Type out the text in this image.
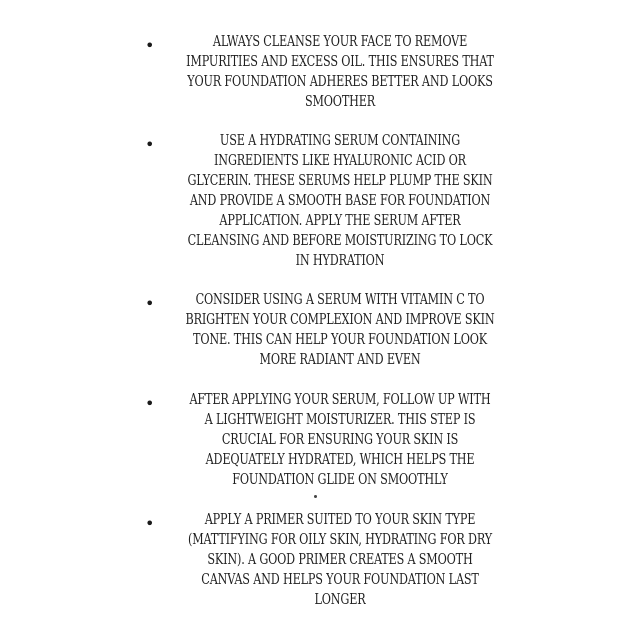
•	ALWAYS CLEANSE YOUR FACE TO REMOVE IMPURITIES AND EXCESS OIL. THIS ENSURES THAT YOUR FOUNDATION ADHERES BETTER AND LOOKS SMOOTHER

•	USE A HYDRATING SERUM CONTAINING INGREDIENTS LIKE HYALURONIC ACID OR GLYCERIN. THESE SERUMS HELP PLUMP THE SKIN AND PROVIDE A SMOOTH BASE FOR FOUNDATION APPLICATION. APPLY THE SERUM AFTER CLEANSING AND BEFORE MOISTURIZING TO LOCK IN HYDRATION

•	CONSIDER USING A SERUM WITH VITAMIN C TO BRIGHTEN YOUR COMPLEXION AND IMPROVE SKIN TONE. THIS CAN HELP YOUR FOUNDATION LOOK MORE RADIANT AND EVEN

• AFTER APPLYING YOUR SERUM, FOLLOW UP WITH A LIGHTWEIGHT MOISTURIZER. THIS STEP IS CRUCIAL FOR ENSURING YOUR SKIN IS ADEQUATELY HYDRATED, WHICH HELPS THE FOUNDATION GLIDE ON SMOOTHLY

•	APPLY A PRIMER SUITED TO YOUR SKIN TYPE (MATTIFYING FOR OILY SKIN, HYDRATING FOR DRY SKIN). A GOOD PRIMER CREATES A SMOOTH CANVAS AND HELPS YOUR FOUNDATION LAST LONGER
